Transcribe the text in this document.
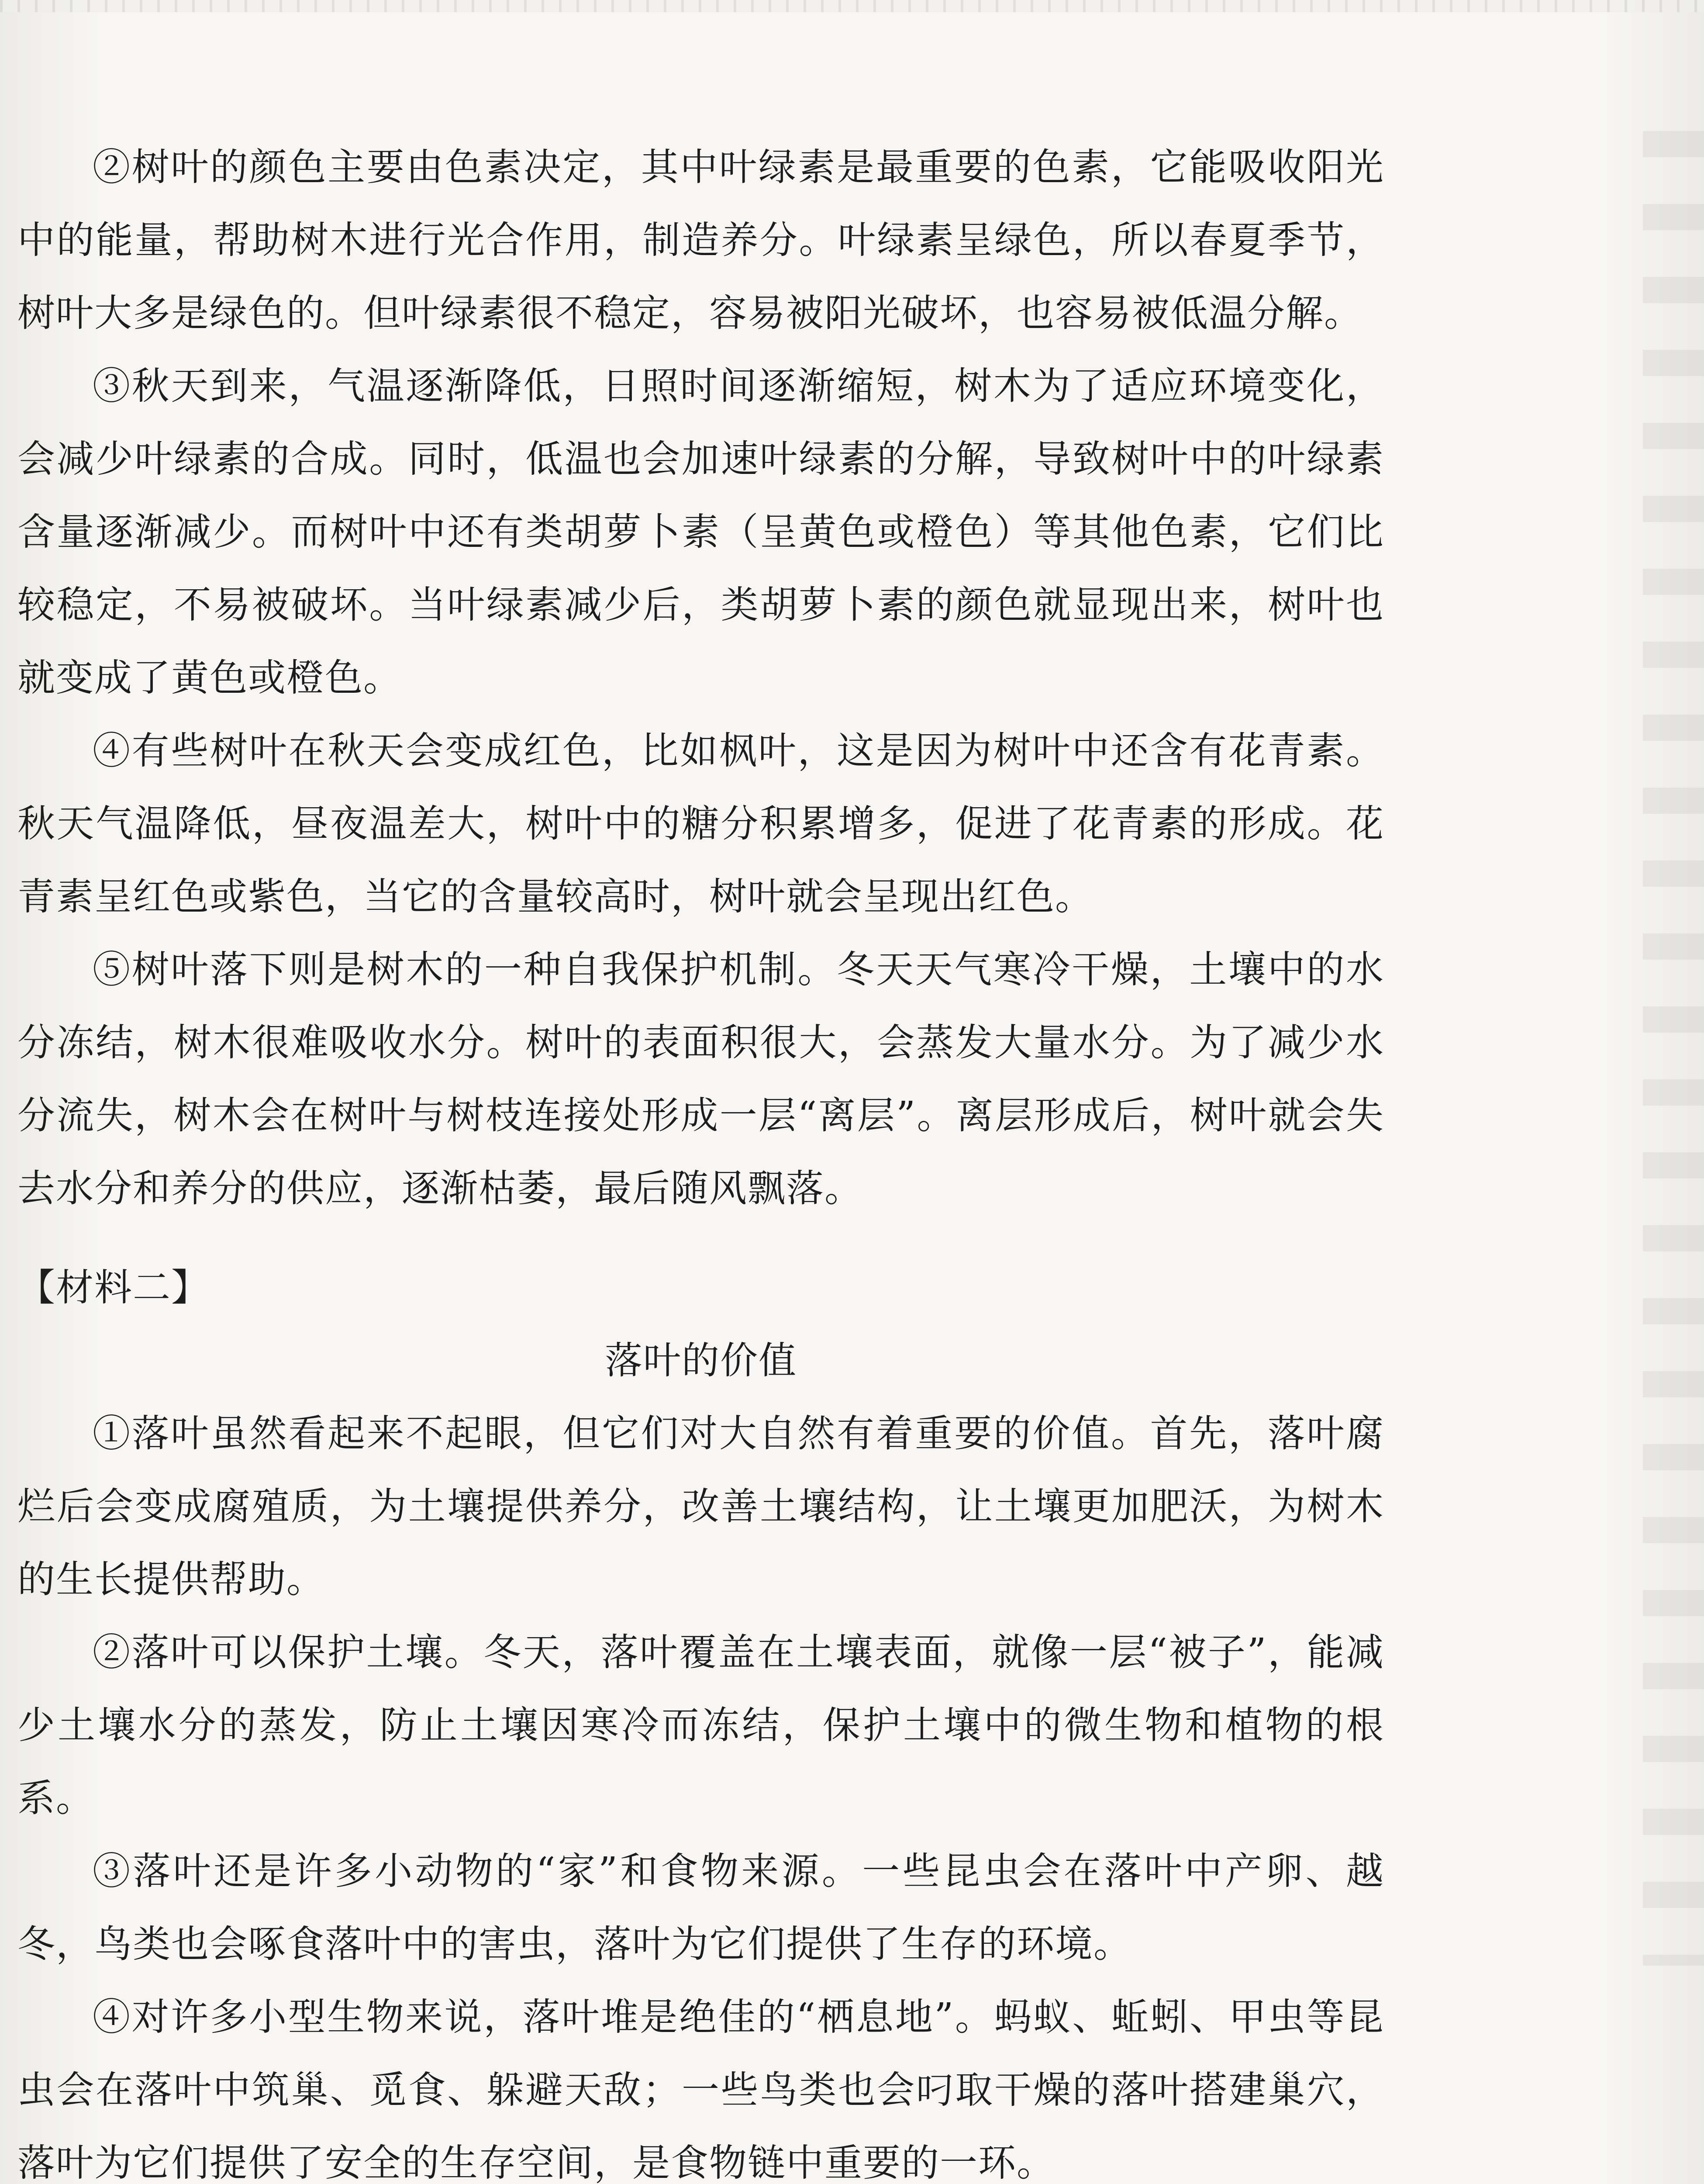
②树叶的颜色主要由色素决定，其中叶绿素是最重要的色素，它能吸收阳光中的能量，帮助树木进行光合作用，制造养分。叶绿素呈绿色，所以春夏季节，树叶大多是绿色的。但叶绿素很不稳定，容易被阳光破坏，也容易被低温分解。

③秋天到来，气温逐渐降低，日照时间逐渐缩短，树木为了适应环境变化，会减少叶绿素的合成。同时，低温也会加速叶绿素的分解，导致树叶中的叶绿素含量逐渐减少。而树叶中还有类胡萝卜素（呈黄色或橙色）等其他色素，它们比较稳定，不易被破坏。当叶绿素减少后，类胡萝卜素的颜色就显现出来，树叶也就变成了黄色或橙色。

④有些树叶在秋天会变成红色，比如枫叶，这是因为树叶中还含有花青素。秋天气温降低，昼夜温差大，树叶中的糖分积累增多，促进了花青素的形成。花青素呈红色或紫色，当它的含量较高时，树叶就会呈现出红色。

⑤树叶落下则是树木的一种自我保护机制。冬天天气寒冷干燥，土壤中的水分冻结，树木很难吸收水分。树叶的表面积很大，会蒸发大量水分。为了减少水分流失，树木会在树叶与树枝连接处形成一层“离层”。离层形成后，树叶就会失去水分和养分的供应，逐渐枯萎，最后随风飘落。

【材料二】

落叶的价值

①落叶虽然看起来不起眼，但它们对大自然有着重要的价值。首先，落叶腐烂后会变成腐殖质，为土壤提供养分，改善土壤结构，让土壤更加肥沃，为树木的生长提供帮助。

②落叶可以保护土壤。冬天，落叶覆盖在土壤表面，就像一层“被子”，能减少土壤水分的蒸发，防止土壤因寒冷而冻结，保护土壤中的微生物和植物的根系。

③落叶还是许多小动物的“家”和食物来源。一些昆虫会在落叶中产卵、越冬，鸟类也会啄食落叶中的害虫，落叶为它们提供了生存的环境。

④对许多小型生物来说，落叶堆是绝佳的“栖息地”。蚂蚁、蚯蚓、甲虫等昆虫会在落叶中筑巢、觅食、躲避天敌；一些鸟类也会叼取干燥的落叶搭建巢穴，落叶为它们提供了安全的生存空间，是食物链中重要的一环。
